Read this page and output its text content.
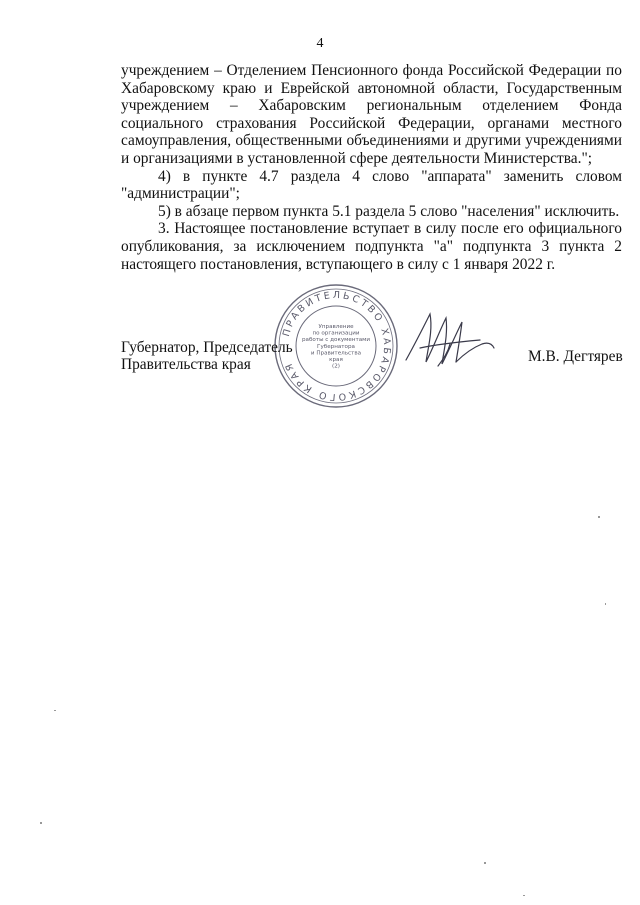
4

учреждением – Отделением Пенсионного фонда Российской Федерации по Хабаровскому краю и Еврейской автономной области, Государственным учреждением – Хабаровским региональным отделением Фонда социального страхования Российской Федерации, органами местного самоуправления, общественными объединениями и другими учреждениями и организациями в установленной сфере деятельности Министерства.";

4) в пункте 4.7 раздела 4 слово "аппарата" заменить словом "администрации";

5) в абзаце первом пункта 5.1 раздела 5 слово "населения" исключить.

3. Настоящее постановление вступает в силу после его официального опубликования, за исключением подпункта "а" подпункта 3 пункта 2 настоящего постановления, вступающего в силу с 1 января 2022 г.

ПРАВИТЕЛЬСТВО ХАБАРОВСКОГО КРАЯ
Управление
по организации
работы с документами
Губернатора
и Правительства
края
(2)
Губернатор, Председатель
Правительства края	М.В. Дегтярев
